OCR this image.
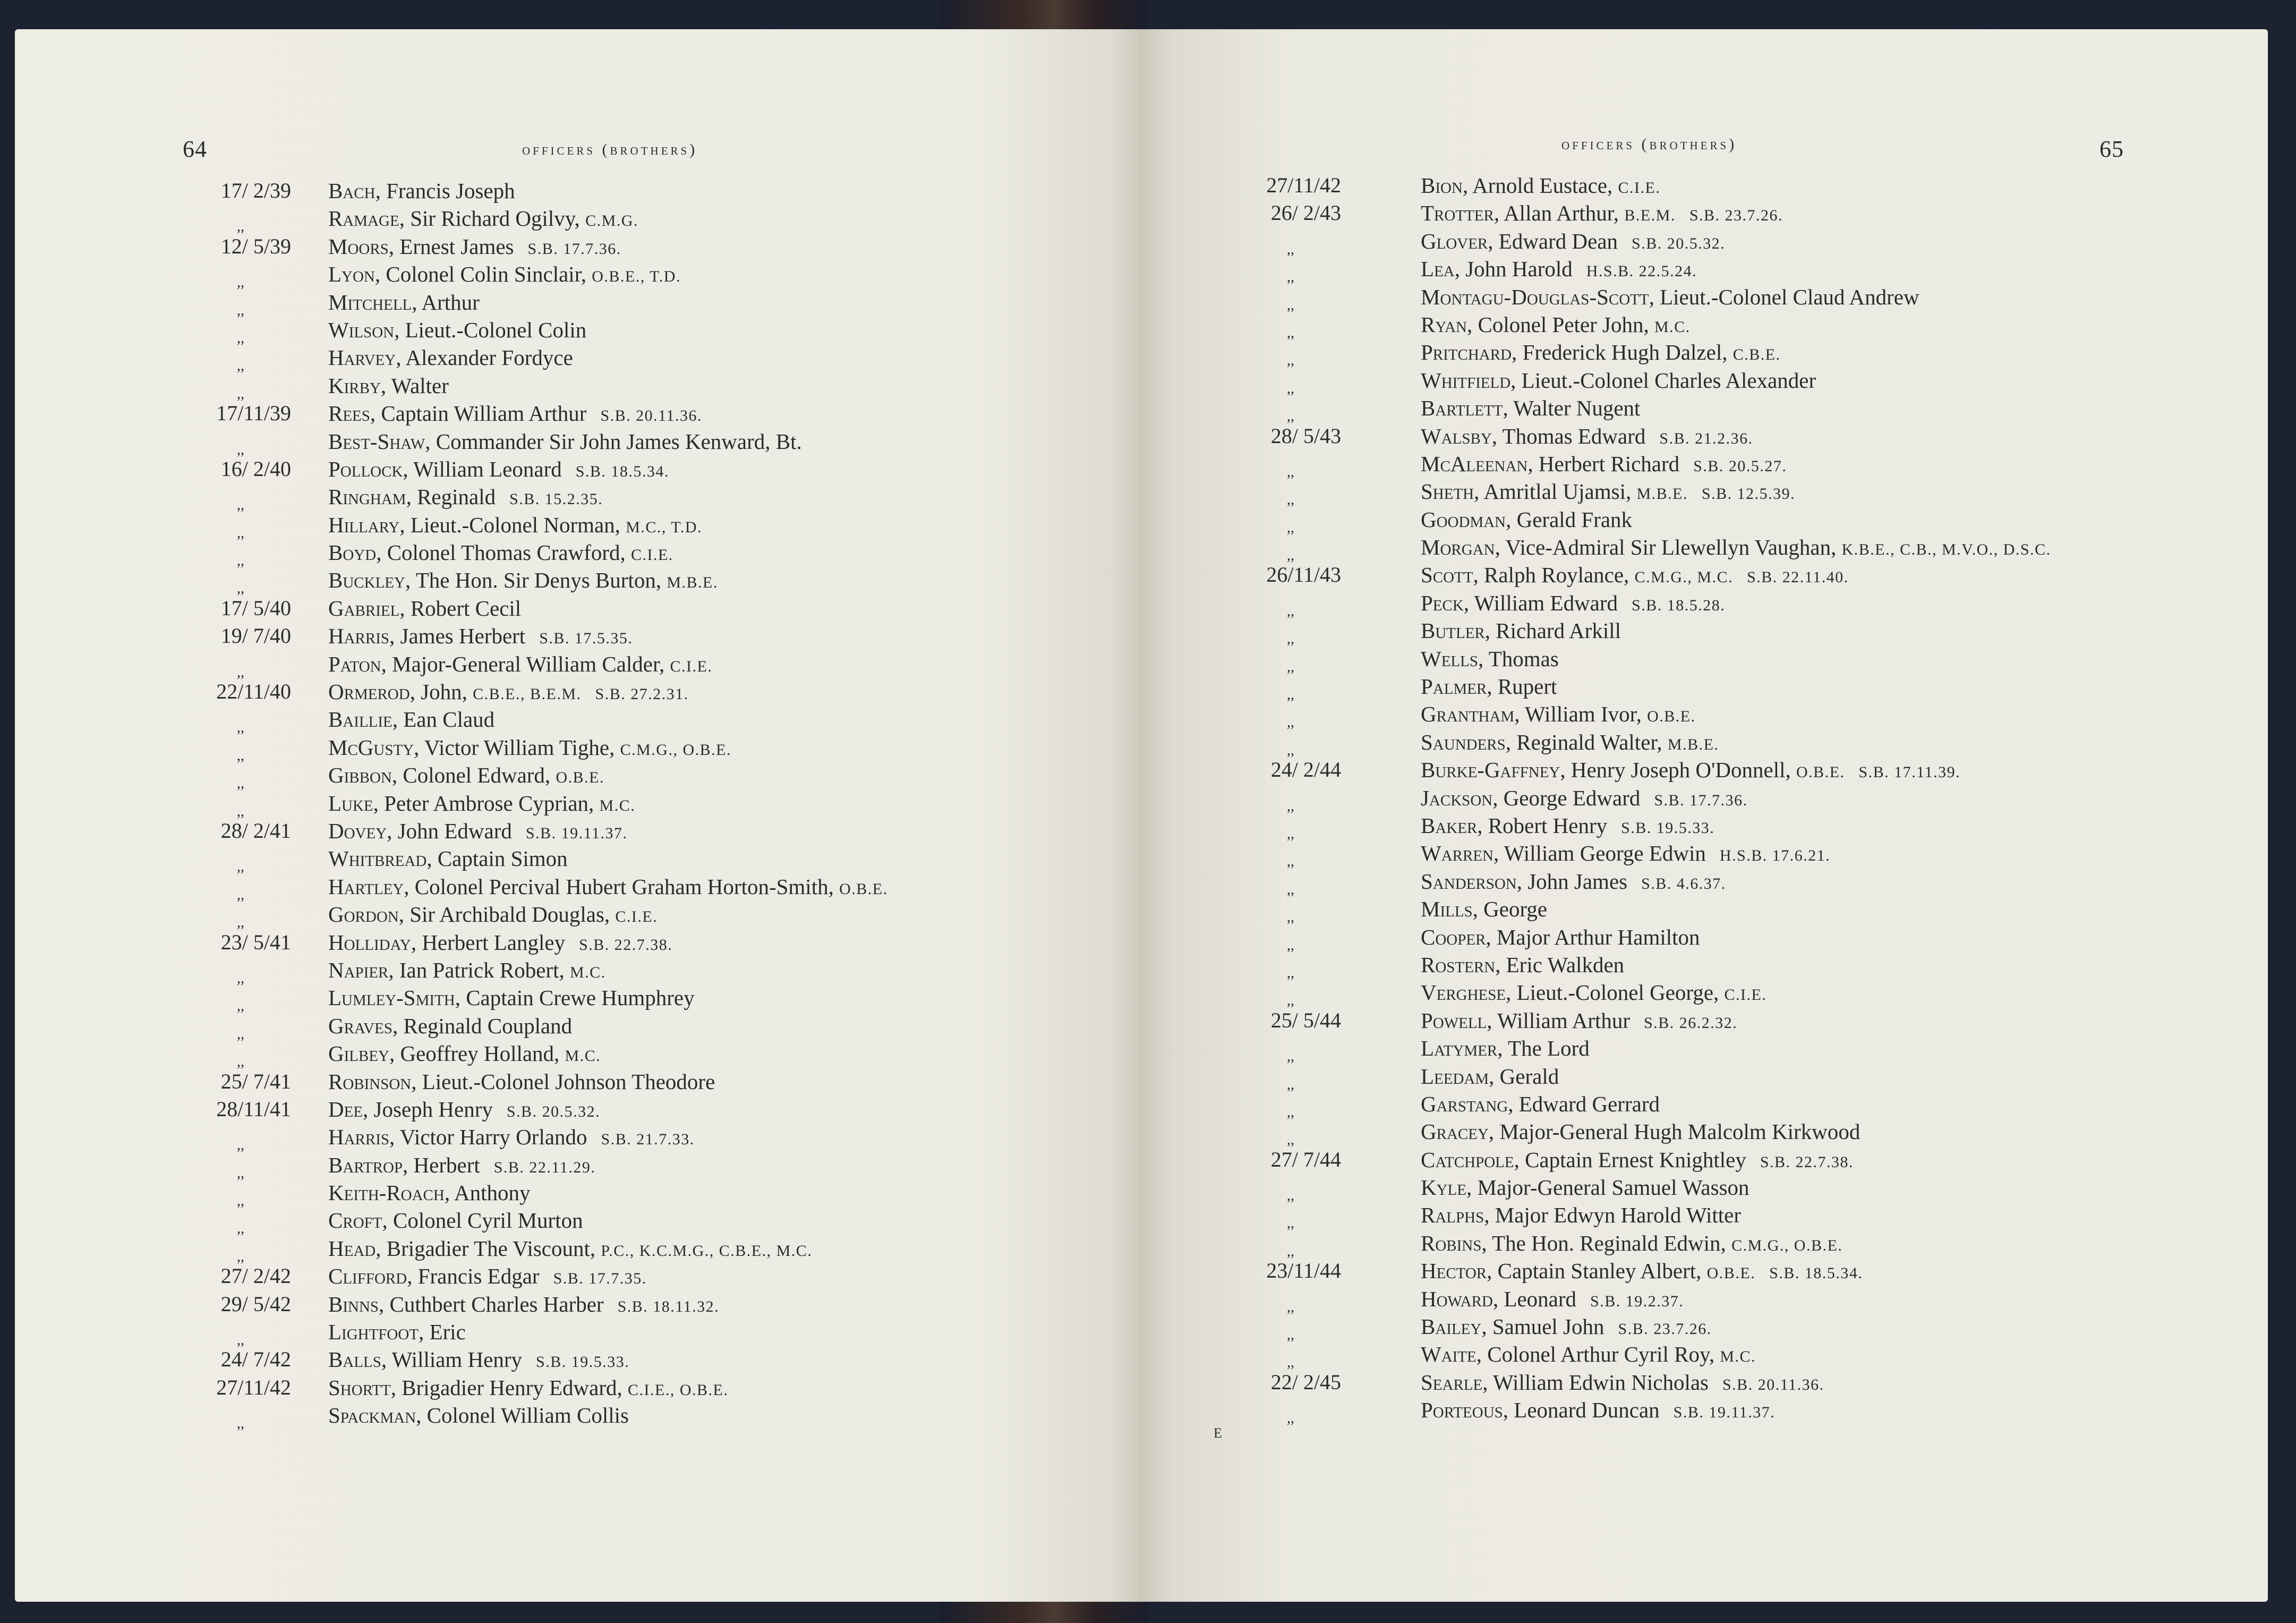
64	officers (brothers)
17/ 2/39 Bach, Francis Joseph
,,	Ramage, Sir Richard Ogilvy, C.M.G.
12/ 5/39 Moors, Ernest James S.B. 17.7.36.
,,	Lyon, Colonel Colin Sinclair, O.B.E., T.D.
,,	Mitchell, Arthur
,,	Wilson, Lieut.-Colonel Colin
,,	Harvey, Alexander Fordyce
,,	Kirby, Walter
17/11/39 Rees, Captain William Arthur S.B. 20.11.36.
,,	Best-Shaw, Commander Sir John James Kenward, Bt.
16/ 2/40 Pollock, William Leonard S.B. 18.5.34.
,,	Ringham, Reginald S.B. 15.2.35.
,,	Hillary, Lieut.-Colonel Norman, M.C., T.D.
,,	Boyd, Colonel Thomas Crawford, C.I.E.
,,	Buckley, The Hon. Sir Denys Burton, M.B.E.
17/ 5/40 Gabriel, Robert Cecil
19/ 7/40 Harris, James Herbert S.B. 17.5.35.
,,	Paton, Major-General William Calder, C.I.E.
22/11/40 Ormerod, John, C.B.E., B.E.M. S.B. 27.2.31.
,,	Baillie, Ean Claud
,,	McGusty, Victor William Tighe, C.M.G., O.B.E.
,,	Gibbon, Colonel Edward, O.B.E.
,,	Luke, Peter Ambrose Cyprian, M.C.
28/ 2/41 Dovey, John Edward S.B. 19.11.37.
,,	Whitbread, Captain Simon
,,	Hartley, Colonel Percival Hubert Graham Horton-Smith, O.B.E.
,,	Gordon, Sir Archibald Douglas, C.I.E.
23/ 5/41 Holliday, Herbert Langley S.B. 22.7.38.
,,	Napier, Ian Patrick Robert, M.C.
,,	Lumley-Smith, Captain Crewe Humphrey
,,	Graves, Reginald Coupland
,,	Gilbey, Geoffrey Holland, M.C.
25/ 7/41 Robinson, Lieut.-Colonel Johnson Theodore
28/11/41 Dee, Joseph Henry S.B. 20.5.32.
,,	Harris, Victor Harry Orlando S.B. 21.7.33.
,,	Bartrop, Herbert S.B. 22.11.29.
,,	Keith-Roach, Anthony
,,	Croft, Colonel Cyril Murton
,,	Head, Brigadier The Viscount, P.C., K.C.M.G., C.B.E., M.C.
27/ 2/42 Clifford, Francis Edgar S.B. 17.7.35.
29/ 5/42 Binns, Cuthbert Charles Harber S.B. 18.11.32.
,,	Lightfoot, Eric
24/ 7/42 Balls, William Henry S.B. 19.5.33.
27/11/42 Shortt, Brigadier Henry Edward, C.I.E., O.B.E.
,,	Spackman, Colonel William Collis
officers (brothers)	65
27/11/42	Bion, Arnold Eustace, C.I.E.
26/ 2/43	Trotter, Allan Arthur, B.E.M. S.B. 23.7.26.
,,	Glover, Edward Dean S.B. 20.5.32.
,,	Lea, John Harold H.S.B. 22.5.24.
,,	Montagu-Douglas-Scott, Lieut.-Colonel Claud Andrew
,,	Ryan, Colonel Peter John, M.C.
,,	Pritchard, Frederick Hugh Dalzel, C.B.E.
,,	Whitfield, Lieut.-Colonel Charles Alexander
,,	Bartlett, Walter Nugent
28/ 5/43	Walsby, Thomas Edward S.B. 21.2.36.
,,	McAleenan, Herbert Richard S.B. 20.5.27.
,,	Sheth, Amritlal Ujamsi, M.B.E. S.B. 12.5.39.
,,	Goodman, Gerald Frank
,,	Morgan, Vice-Admiral Sir Llewellyn Vaughan, K.B.E., C.B., M.V.O., D.S.C.
26/11/43	Scott, Ralph Roylance, C.M.G., M.C. S.B. 22.11.40.
,,	Peck, William Edward S.B. 18.5.28.
,,	Butler, Richard Arkill
,,	Wells, Thomas
,,	Palmer, Rupert
,,	Grantham, William Ivor, O.B.E.
,,	Saunders, Reginald Walter, M.B.E.
24/ 2/44	Burke-Gaffney, Henry Joseph O'Donnell, O.B.E. S.B. 17.11.39.
,,	Jackson, George Edward S.B. 17.7.36.
,,	Baker, Robert Henry S.B. 19.5.33.
,,	Warren, William George Edwin H.S.B. 17.6.21.
,,	Sanderson, John James S.B. 4.6.37.
,,	Mills, George
,,	Cooper, Major Arthur Hamilton
,,	Rostern, Eric Walkden
,,	Verghese, Lieut.-Colonel George, C.I.E.
25/ 5/44	Powell, William Arthur S.B. 26.2.32.
,,	Latymer, The Lord
,,	Leedam, Gerald
,,	Garstang, Edward Gerrard
,,	Gracey, Major-General Hugh Malcolm Kirkwood
27/ 7/44	Catchpole, Captain Ernest Knightley S.B. 22.7.38.
,,	Kyle, Major-General Samuel Wasson
,,	Ralphs, Major Edwyn Harold Witter
,,	Robins, The Hon. Reginald Edwin, C.M.G., O.B.E.
23/11/44	Hector, Captain Stanley Albert, O.B.E. S.B. 18.5.34.
,,	Howard, Leonard S.B. 19.2.37.
,,	Bailey, Samuel John S.B. 23.7.26.
,,	Waite, Colonel Arthur Cyril Roy, M.C.
22/ 2/45	Searle, William Edwin Nicholas S.B. 20.11.36.
,,	Porteous, Leonard Duncan S.B. 19.11.37.
E
